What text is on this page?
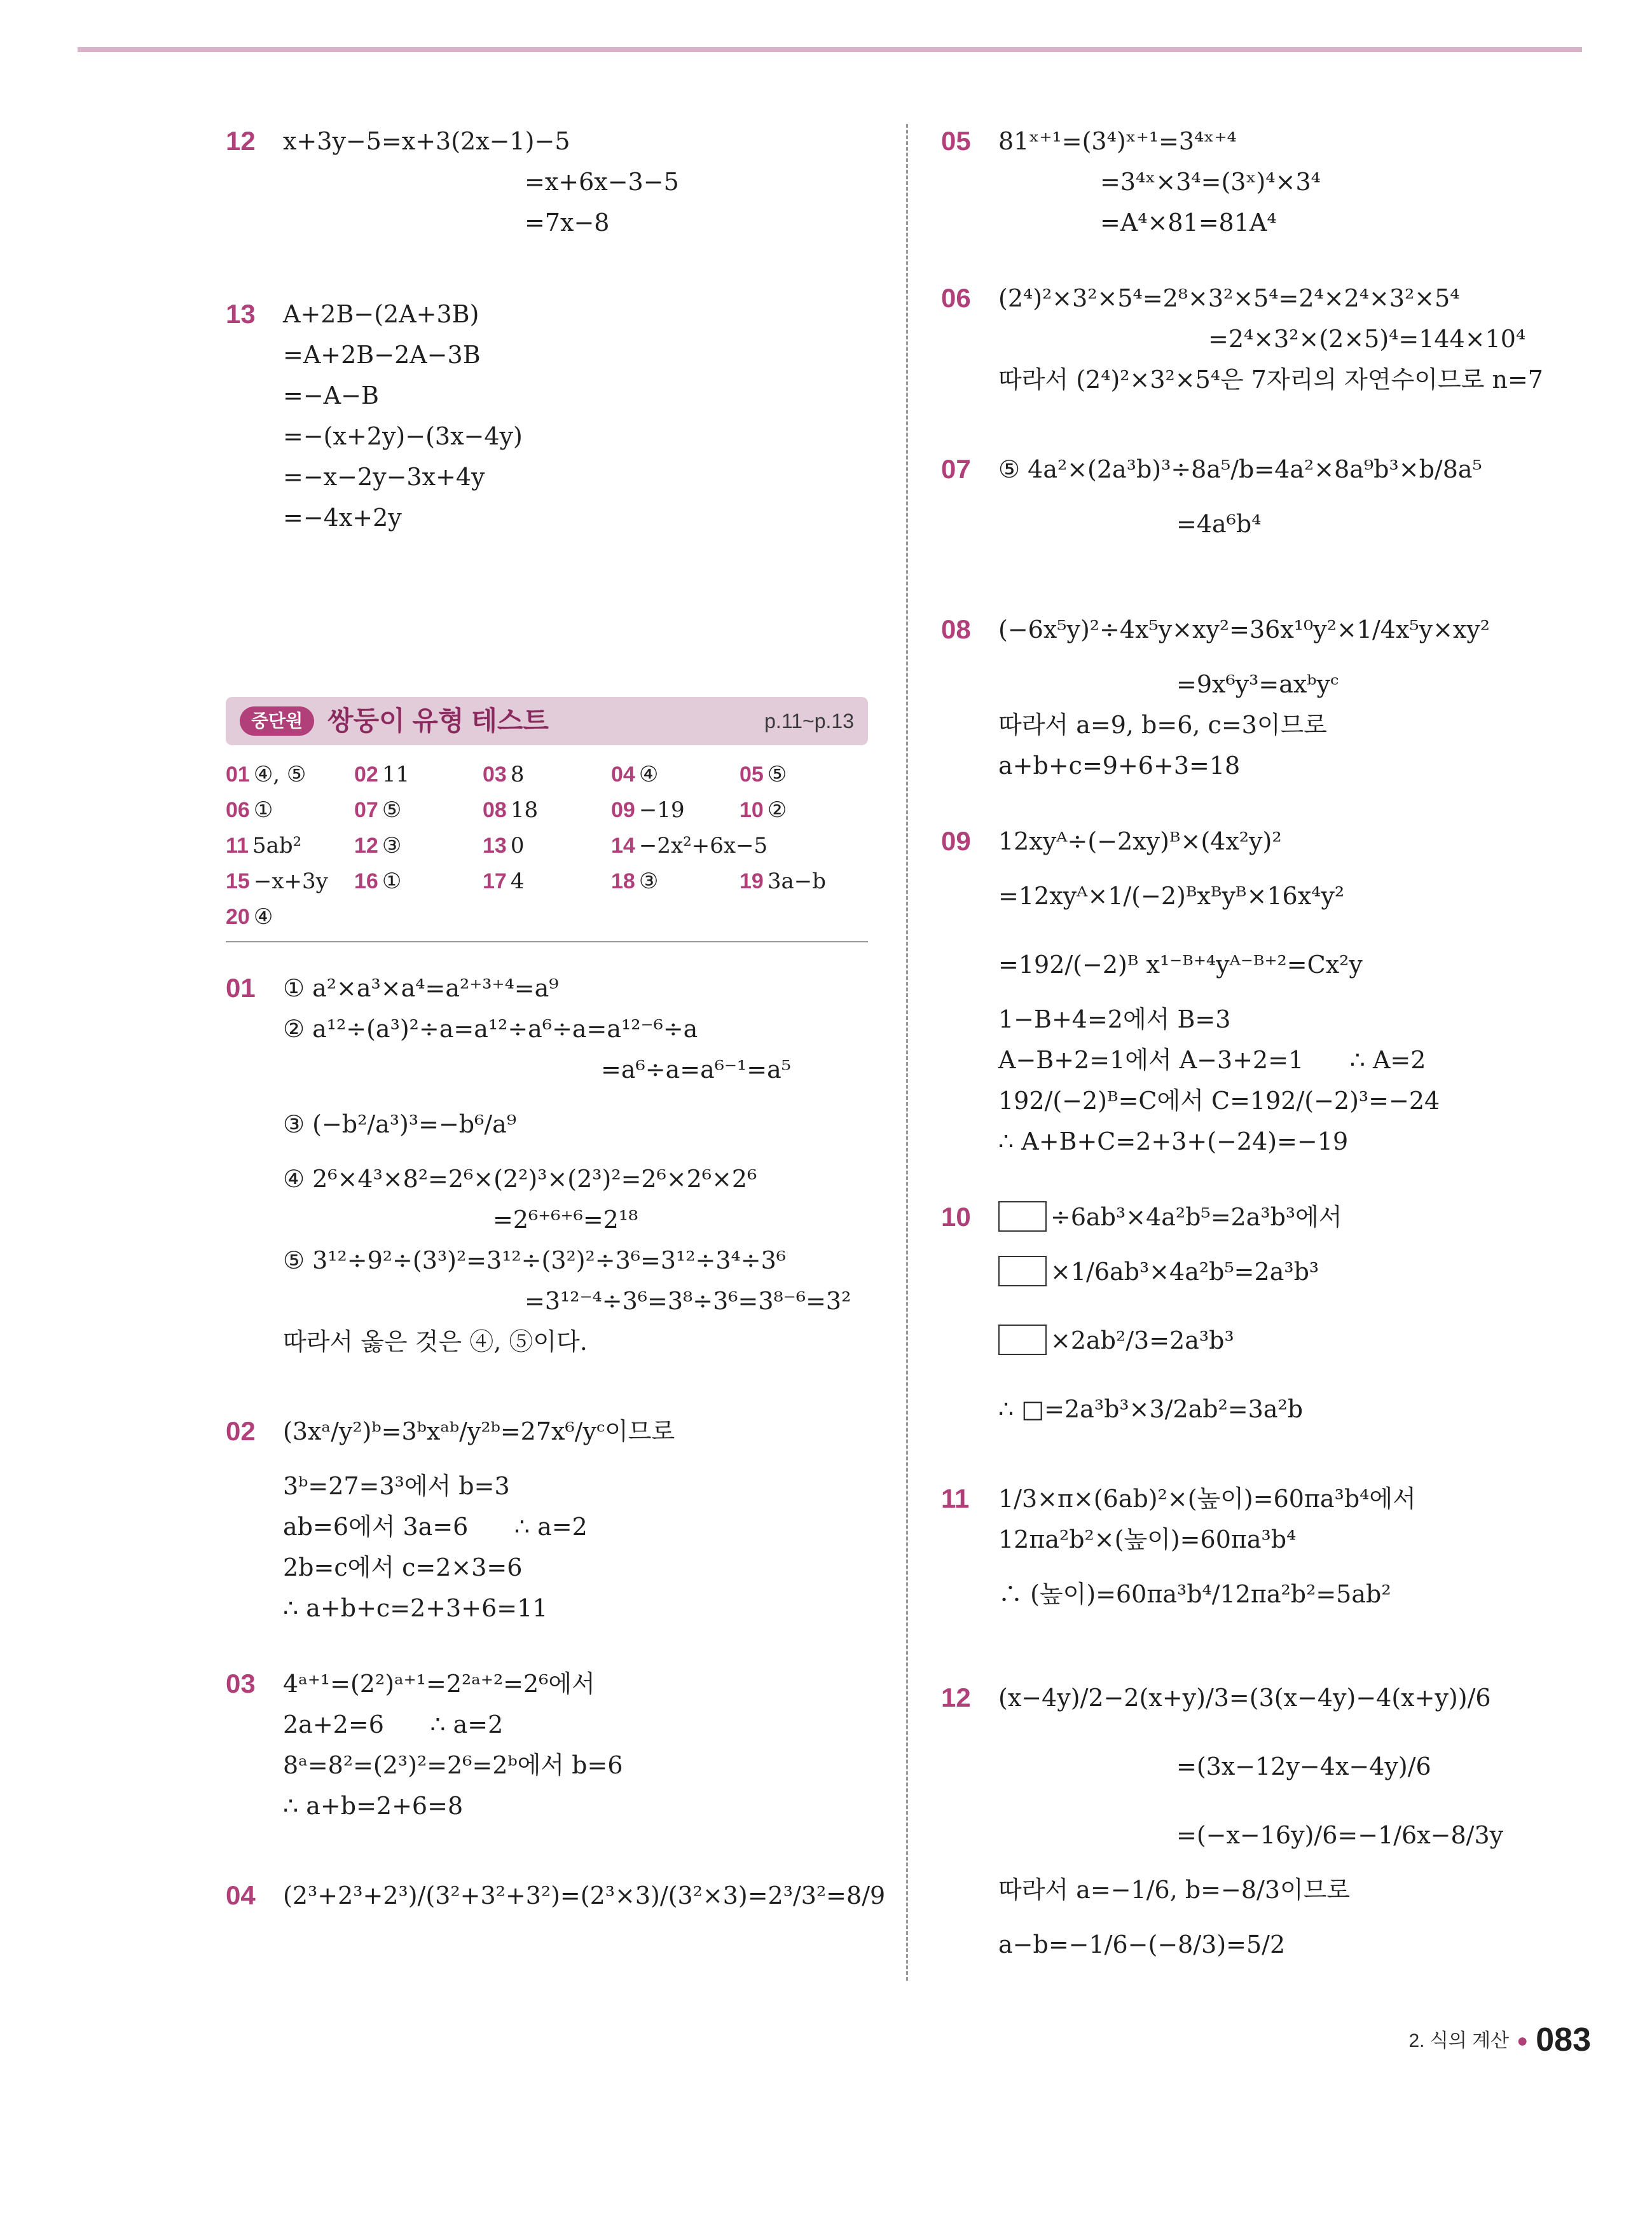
12 x+3y−5=x+3(2x−1)−5
=x+6x−3−5
=7x−8
13 A+2B−(2A+3B)
=A+2B−2A−3B
=−A−B
=−(x+2y)−(3x−4y)
=−x−2y−3x+4y
=−4x+2y
중단원 쌍둥이 유형 테스트	p.11~p.13
01 ④, ⑤	02 11	03 8	04 ④	05 ⑤
06 ①	07 ⑤	08 18	09 −19	10 ②
11 5ab²	12 ③	13 0	14 −2x²+6x−5
15 −x+3y	16 ①	17 4	18 ③	19 3a−b
20 ④
01 ① a²×a³×a⁴=a²⁺³⁺⁴=a⁹
② a¹²÷(a³)²÷a=a¹²÷a⁶÷a=a¹²⁻⁶÷a
=a⁶÷a=a⁶⁻¹=a⁵
③ (−b²/a³)³=−b⁶/a⁹
④ 2⁶×4³×8²=2⁶×(2²)³×(2³)²=2⁶×2⁶×2⁶
=2⁶⁺⁶⁺⁶=2¹⁸
⑤ 3¹²÷9²÷(3³)²=3¹²÷(3²)²÷3⁶=3¹²÷3⁴÷3⁶
=3¹²⁻⁴÷3⁶=3⁸÷3⁶=3⁸⁻⁶=3²
따라서 옳은 것은 ④, ⑤이다.
02 (3xᵃ/y²)ᵇ=3ᵇxᵃᵇ/y²ᵇ=27x⁶/yᶜ이므로
3ᵇ=27=3³에서 b=3
ab=6에서 3a=6      ∴ a=2
2b=c에서 c=2×3=6
∴ a+b+c=2+3+6=11
03 4ᵃ⁺¹=(2²)ᵃ⁺¹=2²ᵃ⁺²=2⁶에서
2a+2=6      ∴ a=2
8ᵃ=8²=(2³)²=2⁶=2ᵇ에서 b=6
∴ a+b=2+6=8
04 (2³+2³+2³)/(3²+3²+3²)=(2³×3)/(3²×3)=2³/3²=8/9
05 81ˣ⁺¹=(3⁴)ˣ⁺¹=3⁴ˣ⁺⁴
=3⁴ˣ×3⁴=(3ˣ)⁴×3⁴
=A⁴×81=81A⁴
06 (2⁴)²×3²×5⁴=2⁸×3²×5⁴=2⁴×2⁴×3²×5⁴
=2⁴×3²×(2×5)⁴=144×10⁴
따라서 (2⁴)²×3²×5⁴은 7자리의 자연수이므로 n=7
07 ⑤ 4a²×(2a³b)³÷8a⁵/b=4a²×8a⁹b³×b/8a⁵
=4a⁶b⁴
08 (−6x⁵y)²÷4x⁵y×xy²=36x¹⁰y²×1/4x⁵y×xy²
=9x⁶y³=axᵇyᶜ
따라서 a=9, b=6, c=3이므로
a+b+c=9+6+3=18
09 12xyᴬ÷(−2xy)ᴮ×(4x²y)²
=12xyᴬ×1/(−2)ᴮxᴮyᴮ×16x⁴y²
=192/(−2)ᴮ x¹⁻ᴮ⁺⁴yᴬ⁻ᴮ⁺²=Cx²y
1−B+4=2에서 B=3
A−B+2=1에서 A−3+2=1      ∴ A=2
192/(−2)ᴮ=C에서 C=192/(−2)³=−24
∴ A+B+C=2+3+(−24)=−19
10	÷6ab³×4a²b⁵=2a³b³에서
×1/6ab³×4a²b⁵=2a³b³
×2ab²/3=2a³b³
∴ □=2a³b³×3/2ab²=3a²b
11 1/3×π×(6ab)²×(높이)=60πa³b⁴에서
12πa²b²×(높이)=60πa³b⁴
∴ (높이)=60πa³b⁴/12πa²b²=5ab²
12 (x−4y)/2−2(x+y)/3=(3(x−4y)−4(x+y))/6
=(3x−12y−4x−4y)/6
=(−x−16y)/6=−1/6x−8/3y
따라서 a=−1/6, b=−8/3이므로
a−b=−1/6−(−8/3)=5/2
2. 식의 계산 ● 083
